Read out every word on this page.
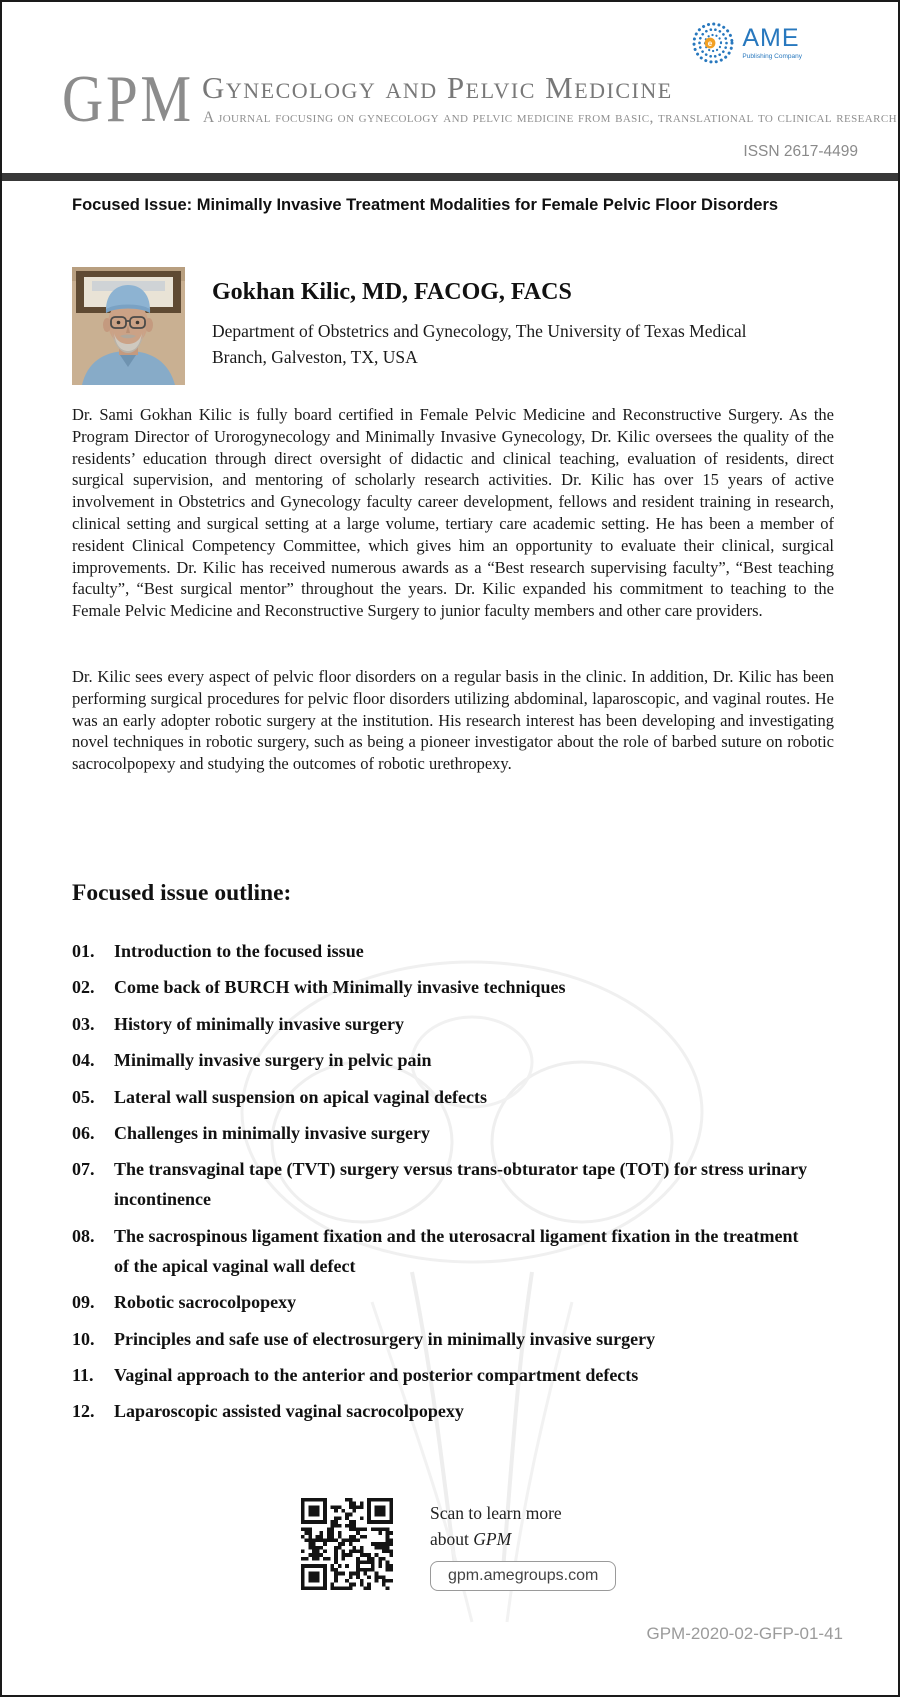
GPM Gynecology and Pelvic Medicine
A journal focusing on gynecology and pelvic medicine from basic, translational to clinical research
e AME
Publishing Company
ISSN 2617-4499
Focused Issue: Minimally Invasive Treatment Modalities for Female Pelvic Floor Disorders
Gokhan Kilic, MD, FACOG, FACS
Department of Obstetrics and Gynecology, The University of Texas Medical Branch, Galveston, TX, USA
Dr. Sami Gokhan Kilic is fully board certified in Female Pelvic Medicine and Reconstructive Surgery. As the Program Director of Urorogynecology and Minimally Invasive Gynecology, Dr. Kilic oversees the quality of the residents’ education through direct oversight of didactic and clinical teaching, evaluation of residents, direct surgical supervision, and mentoring of scholarly research activities. Dr. Kilic has over 15 years of active involvement in Obstetrics and Gynecology faculty career development, fellows and resident training in research, clinical setting and surgical setting at a large volume, tertiary care academic setting. He has been a member of resident Clinical Competency Committee, which gives him an opportunity to evaluate their clinical, surgical improvements. Dr. Kilic has received numerous awards as a “Best research supervising faculty”, “Best teaching faculty”, “Best surgical mentor” throughout the years. Dr. Kilic expanded his commitment to teaching to the Female Pelvic Medicine and Reconstructive Surgery to junior faculty members and other care providers.
Dr. Kilic sees every aspect of pelvic floor disorders on a regular basis in the clinic. In addition, Dr. Kilic has been performing surgical procedures for pelvic floor disorders utilizing abdominal, laparoscopic, and vaginal routes. He was an early adopter robotic surgery at the institution. His research interest has been developing and investigating novel techniques in robotic surgery, such as being a pioneer investigator about the role of barbed suture on robotic sacrocolpopexy and studying the outcomes of robotic urethropexy.
Focused issue outline:
01.	Introduction to the focused issue
02.	Come back of BURCH with Minimally invasive techniques
03.	History of minimally invasive surgery
04.	Minimally invasive surgery in pelvic pain
05.	Lateral wall suspension on apical vaginal defects
06.	Challenges in minimally invasive surgery
07.	The transvaginal tape (TVT) surgery versus trans-obturator tape (TOT) for stress urinary incontinence
08.	The sacrospinous ligament fixation and the uterosacral ligament fixation in the treatment of the apical vaginal wall defect
09.	Robotic sacrocolpopexy
10.	Principles and safe use of electrosurgery in minimally invasive surgery
11.	Vaginal approach to the anterior and posterior compartment defects
12.	Laparoscopic assisted vaginal sacrocolpopexy
Scan to learn more
about GPM
gpm.amegroups.com
GPM-2020-02-GFP-01-41
